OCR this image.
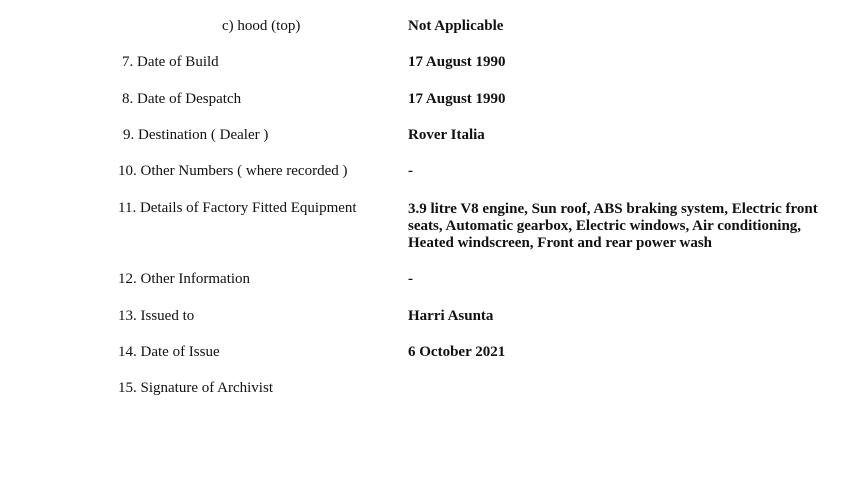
c) hood (top)	Not Applicable
7. Date of Build	17 August 1990
8. Date of Despatch	17 August 1990
9. Destination ( Dealer )	Rover Italia
10. Other Numbers ( where recorded )	-
11. Details of Factory Fitted Equipment	3.9 litre V8 engine, Sun roof, ABS braking system, Electric front seats, Automatic gearbox, Electric windows, Air conditioning, Heated windscreen, Front and rear power wash
12. Other Information	-
13. Issued to	Harri Asunta
14. Date of Issue	6 October 2021
15. Signature of Archivist
